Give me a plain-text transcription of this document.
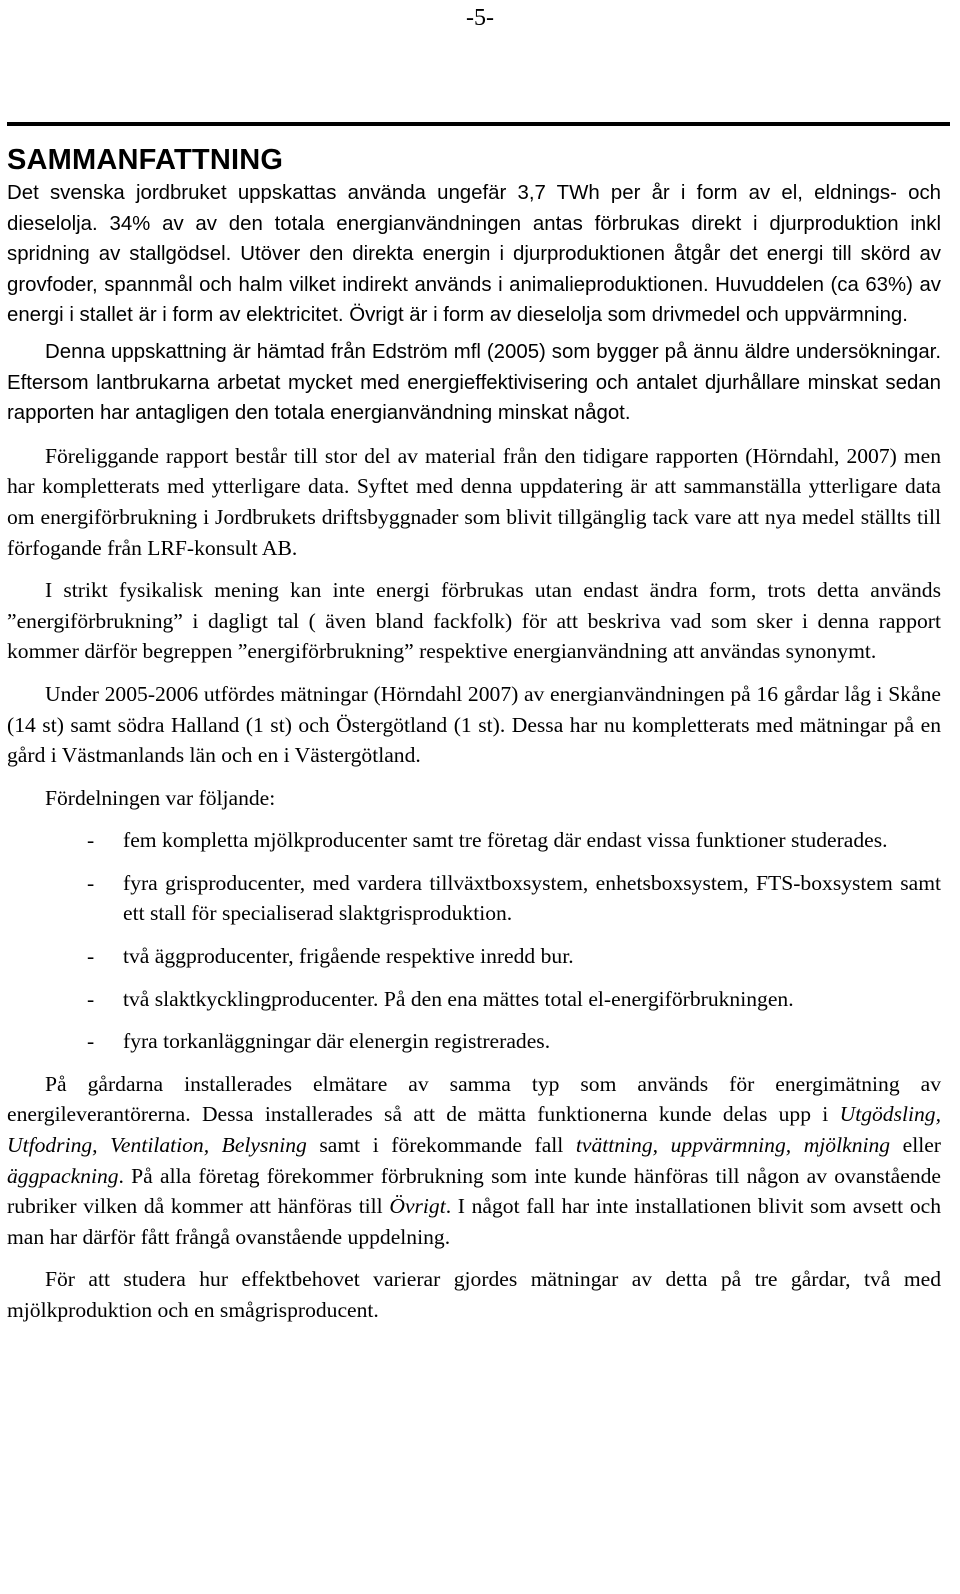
-5-
SAMMANFATTNING

Det svenska jordbruket uppskattas använda ungefär 3,7 TWh per år i form av el, eldnings- och dieselolja. 34% av av den totala energianvändningen antas förbrukas direkt i djurproduktion inkl spridning av stallgödsel. Utöver den direkta energin i djurproduktionen åtgår det energi till skörd av grovfoder, spannmål och halm vilket indirekt används i animalieproduktionen. Huvuddelen (ca 63%) av energi i stallet är i form av elektricitet. Övrigt är i form av dieselolja som drivmedel och uppvärmning.

Denna uppskattning är hämtad från Edström mfl (2005) som bygger på ännu äldre undersökningar. Eftersom lantbrukarna arbetat mycket med energieffektivisering och antalet djurhållare minskat sedan rapporten har antagligen den totala energianvändning minskat något.

Föreliggande rapport består till stor del av material från den tidigare rapporten (Hörndahl, 2007) men har kompletterats med ytterligare data. Syftet med denna uppdatering är att sammanställa ytterligare data om energiförbrukning i Jordbrukets driftsbyggnader som blivit tillgänglig tack vare att nya medel ställts till förfogande från LRF-konsult AB.

I strikt fysikalisk mening kan inte energi förbrukas utan endast ändra form, trots detta används ”energiförbrukning” i dagligt tal ( även bland fackfolk) för att beskriva vad som sker i denna rapport kommer därför begreppen ”energiförbrukning” respektive energianvändning att användas synonymt.

Under 2005-2006 utfördes mätningar (Hörndahl 2007) av energianvändningen på 16 gårdar låg i Skåne (14 st) samt södra Halland (1 st) och Östergötland (1 st). Dessa har nu kompletterats med mätningar på en gård i Västmanlands län och en i Västergötland.

Fördelningen var följande:

- fem kompletta mjölkproducenter samt tre företag där endast vissa funktioner studerades.
- fyra grisproducenter, med vardera tillväxtboxsystem, enhetsboxsystem, FTS-boxsystem samt ett stall för specialiserad slaktgrisproduktion.
- två äggproducenter, frigående respektive inredd bur.
- två slaktkycklingproducenter. På den ena mättes total el-energiförbrukningen.
- fyra torkanläggningar där elenergin registrerades.

På gårdarna installerades elmätare av samma typ som används för energimätning av energileverantörerna. Dessa installerades så att de mätta funktionerna kunde delas upp i Utgödsling, Utfodring, Ventilation, Belysning samt i förekommande fall tvättning, uppvärmning, mjölkning eller äggpackning. På alla företag förekommer förbrukning som inte kunde hänföras till någon av ovanstående rubriker vilken då kommer att hänföras till Övrigt. I något fall har inte installationen blivit som avsett och man har därför fått frångå ovanstående uppdelning.

För att studera hur effektbehovet varierar gjordes mätningar av detta på tre gårdar, två med mjölkproduktion och en smågrisproducent.
